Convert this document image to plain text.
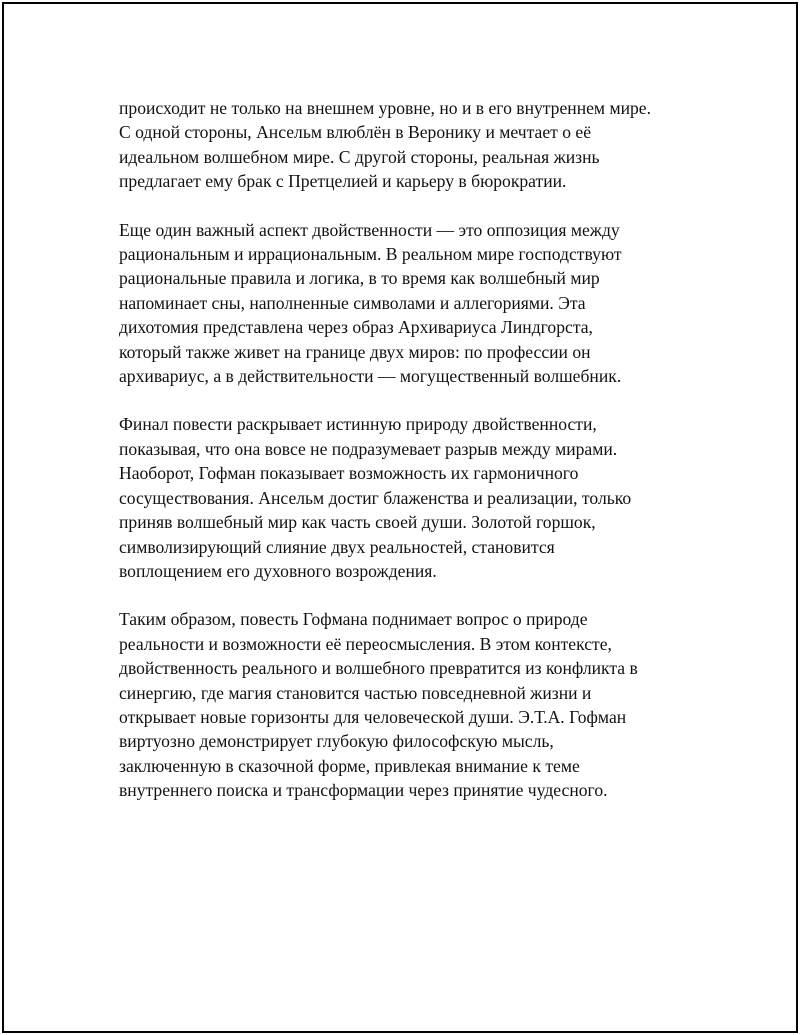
происходит не только на внешнем уровне, но и в его внутреннем мире.
С одной стороны, Ансельм влюблён в Веронику и мечтает о её
идеальном волшебном мире. С другой стороны, реальная жизнь
предлагает ему брак с Претцелией и карьеру в бюрократии.

Еще один важный аспект двойственности — это оппозиция между
рациональным и иррациональным. В реальном мире господствуют
рациональные правила и логика, в то время как волшебный мир
напоминает сны, наполненные символами и аллегориями. Эта
дихотомия представлена через образ Архивариуса Линдгорста,
который также живет на границе двух миров: по профессии он
архивариус, а в действительности — могущественный волшебник.

Финал повести раскрывает истинную природу двойственности,
показывая, что она вовсе не подразумевает разрыв между мирами.
Наоборот, Гофман показывает возможность их гармоничного
сосуществования. Ансельм достиг блаженства и реализации, только
приняв волшебный мир как часть своей души. Золотой горшок,
символизирующий слияние двух реальностей, становится
воплощением его духовного возрождения.

Таким образом, повесть Гофмана поднимает вопрос о природе
реальности и возможности её переосмысления. В этом контексте,
двойственность реального и волшебного превратится из конфликта в
синергию, где магия становится частью повседневной жизни и
открывает новые горизонты для человеческой души. Э.Т.А. Гофман
виртуозно демонстрирует глубокую философскую мысль,
заключенную в сказочной форме, привлекая внимание к теме
внутреннего поиска и трансформации через принятие чудесного.
